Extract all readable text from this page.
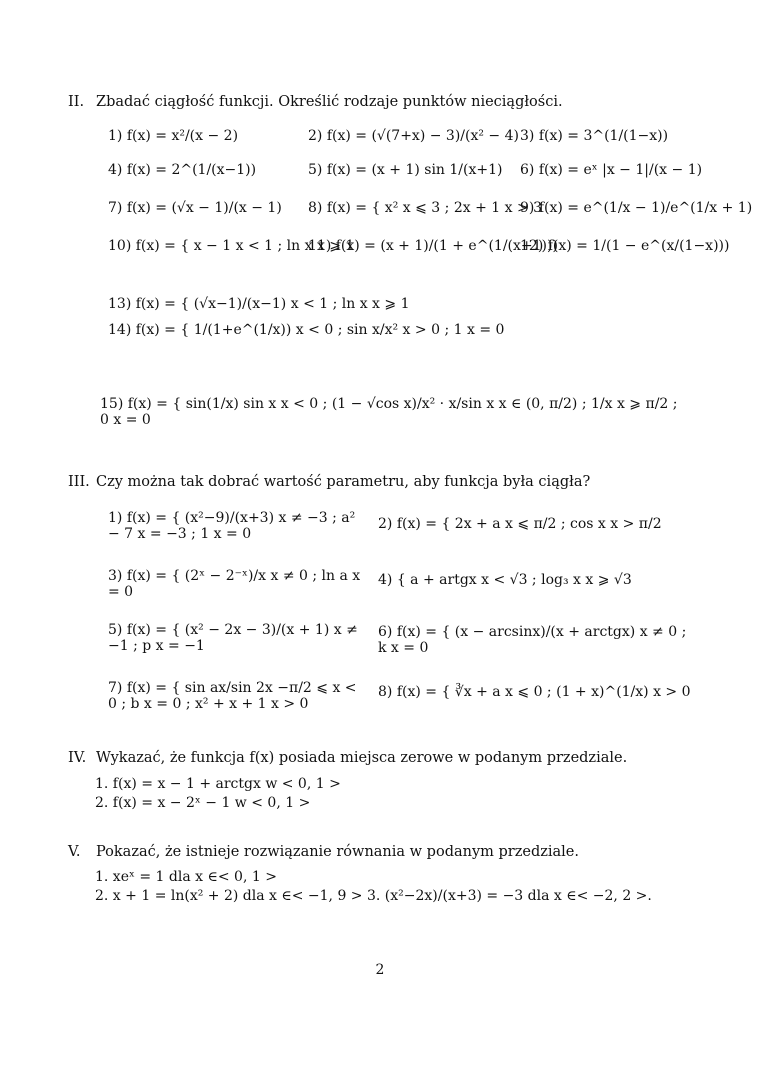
II. Zbadać ciągłość funkcji. Określić rodzaje punktów nieciągłości.
1) f(x) = x²/(x − 2)	2) f(x) = (√(7+x) − 3)/(x² − 4) 3) f(x) = 3^(1/(1−x))
4) f(x) = 2^(1/(x−1))	5) f(x) = (x + 1) sin 1/(x+1) 6) f(x) = eˣ |x − 1|/(x − 1)
7) f(x) = (√x − 1)/(x − 1) 8) f(x) = { x² x ⩽ 3 ; 2x + 1 x > 3
9) f(x) = e^(1/x − 1)/e^(1/x + 1)
10) f(x) = { x − 1 x < 1 ; ln x x ⩾ 1
11) f(x) = (x + 1)/(1 + e^(1/(x+1)))
12) f(x) = 1/(1 − e^(x/(1−x)))
13) f(x) = { (√x−1)/(x−1) x < 1 ; ln x x ⩾ 1
14) f(x) = { 1/(1+e^(1/x)) x < 0 ; sin x/x² x > 0 ; 1 x = 0
15) f(x) = { sin(1/x) sin x x < 0 ; (1 − √cos x)/x² · x/sin x x ∈ (0, π/2) ; 1/x x ⩾ π/2 ; 0 x = 0
III. Czy można tak dobrać wartość parametru, aby funkcja była ciągła?
1) f(x) = { (x²−9)/(x+3) x ≠ −3 ; a² − 7 x = −3 ; 1 x = 0
2) f(x) = { 2x + a x ⩽ π/2 ; cos x x > π/2
3) f(x) = { (2ˣ − 2⁻ˣ)/x x ≠ 0 ; ln a x = 0
4) { a + artgx x < √3 ; log₃ x x ⩾ √3
5) f(x) = { (x² − 2x − 3)/(x + 1) x ≠ −1 ; p x = −1
6) f(x) = { (x − arcsinx)/(x + arctgx) x ≠ 0 ; k x = 0
7) f(x) = { sin ax/sin 2x −π/2 ⩽ x < 0 ; b x = 0 ; x² + x + 1 x > 0
8) f(x) = { ∛x + a x ⩽ 0 ; (1 + x)^(1/x) x > 0
IV. Wykazać, że funkcja f(x) posiada miejsca zerowe w podanym przedziale.
1. f(x) = x − 1 + arctgx w < 0, 1 >
2. f(x) = x − 2ˣ − 1 w < 0, 1 >
V. Pokazać, że istnieje rozwiązanie równania w podanym przedziale.
1. xeˣ = 1 dla x ∈< 0, 1 >
2. x + 1 = ln(x² + 2) dla x ∈< −1, 9 > 3. (x²−2x)/(x+3) = −3 dla x ∈< −2, 2 >.
2
